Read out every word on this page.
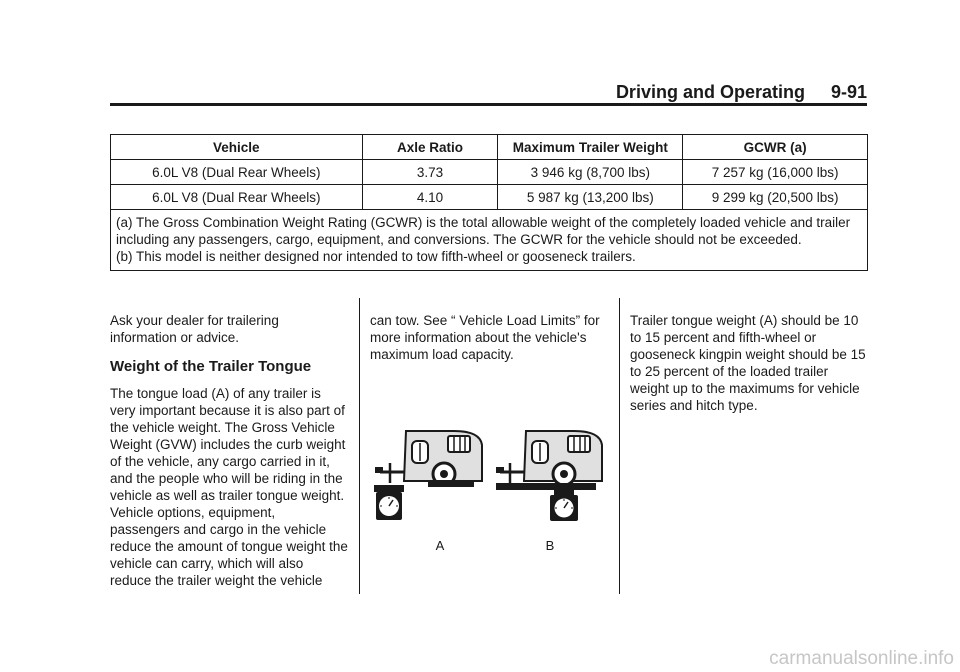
Driving and Operating 9-91
Vehicle	Axle Ratio	Maximum Trailer Weight	GCWR (a)
6.0L V8 (Dual Rear Wheels)	3.73	3 946 kg (8,700 lbs)	7 257 kg (16,000 lbs)
6.0L V8 (Dual Rear Wheels)	4.10	5 987 kg (13,200 lbs)	9 299 kg (20,500 lbs)

(a) The Gross Combination Weight Rating (GCWR) is the total allowable weight of the completely loaded vehicle and trailer including any passengers, cargo, equipment, and conversions. The GCWR for the vehicle should not be exceeded.
(b) This model is neither designed nor intended to tow fifth-wheel or gooseneck trailers.			

Ask your dealer for trailering information or advice.

Weight of the Trailer Tongue

The tongue load (A) of any trailer is very important because it is also part of the vehicle weight. The Gross Vehicle Weight (GVW) includes the curb weight of the vehicle, any cargo carried in it, and the people who will be riding in the vehicle as well as trailer tongue weight. Vehicle options, equipment, passengers and cargo in the vehicle reduce the amount of tongue weight the vehicle can carry, which will also reduce the trailer weight the vehicle

can tow. See “ Vehicle Load Limits” for more information about the vehicle's maximum load capacity.

Trailer tongue weight (A) should be 10 to 15 percent and fifth-wheel or gooseneck kingpin weight should be 15 to 25 percent of the loaded trailer weight up to the maximums for vehicle series and hitch type.

A	B
carmanualsonline.info
